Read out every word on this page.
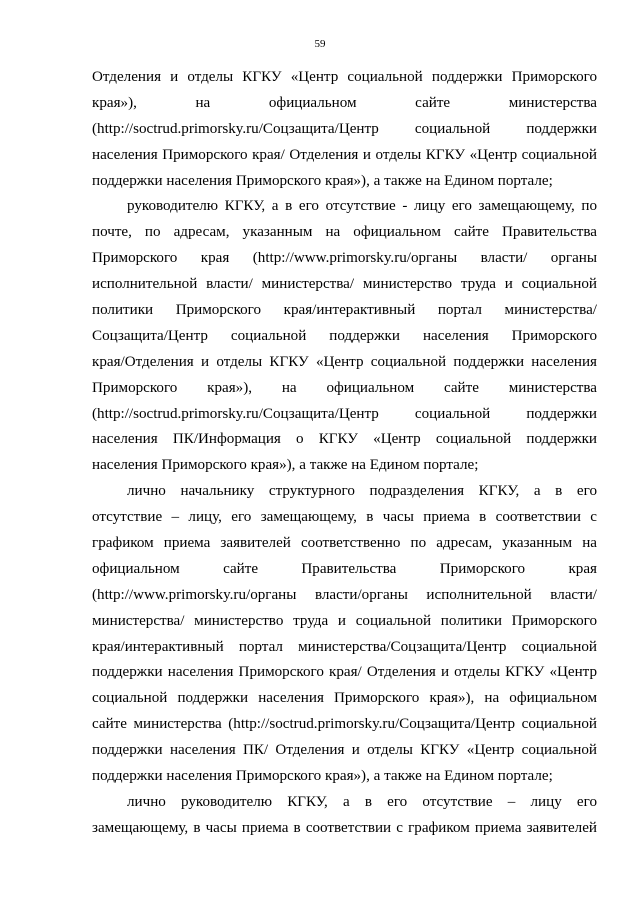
59

Отделения и отделы КГКУ «Центр социальной поддержки Приморского
края»), на официальном сайте министерства
(http://soctrud.primorsky.ru/Соцзащита/Центр социальной поддержки
населения Приморского края/ Отделения и отделы КГКУ «Центр социальной
поддержки населения Приморского края»), а также на Едином портале;

руководителю КГКУ, а в его отсутствие - лицу его замещающему, по
почте, по адресам, указанным на официальном сайте Правительства
Приморского края (http://www.primorsky.ru/органы власти/ органы
исполнительной власти/ министерства/ министерство труда и социальной
политики Приморского края/интерактивный портал министерства/
Соцзащита/Центр социальной поддержки населения Приморского
края/Отделения и отделы КГКУ «Центр социальной поддержки населения
Приморского края»), на официальном сайте министерства
(http://soctrud.primorsky.ru/Соцзащита/Центр социальной поддержки
населения ПК/Информация о КГКУ «Центр социальной поддержки
населения Приморского края»), а также на Едином портале;

лично начальнику структурного подразделения КГКУ, а в его
отсутствие – лицу, его замещающему, в часы приема в соответствии с
графиком приема заявителей соответственно по адресам, указанным на
официальном сайте Правительства Приморского края
(http://www.primorsky.ru/органы власти/органы исполнительной власти/
министерства/ министерство труда и социальной политики Приморского
края/интерактивный портал министерства/Соцзащита/Центр социальной
поддержки населения Приморского края/ Отделения и отделы КГКУ «Центр
социальной поддержки населения Приморского края»), на официальном
сайте министерства (http://soctrud.primorsky.ru/Соцзащита/Центр социальной
поддержки населения ПК/ Отделения и отделы КГКУ «Центр социальной
поддержки населения Приморского края»), а также на Едином портале;

лично руководителю КГКУ, а в его отсутствие – лицу его
замещающему, в часы приема в соответствии с графиком приема заявителей
